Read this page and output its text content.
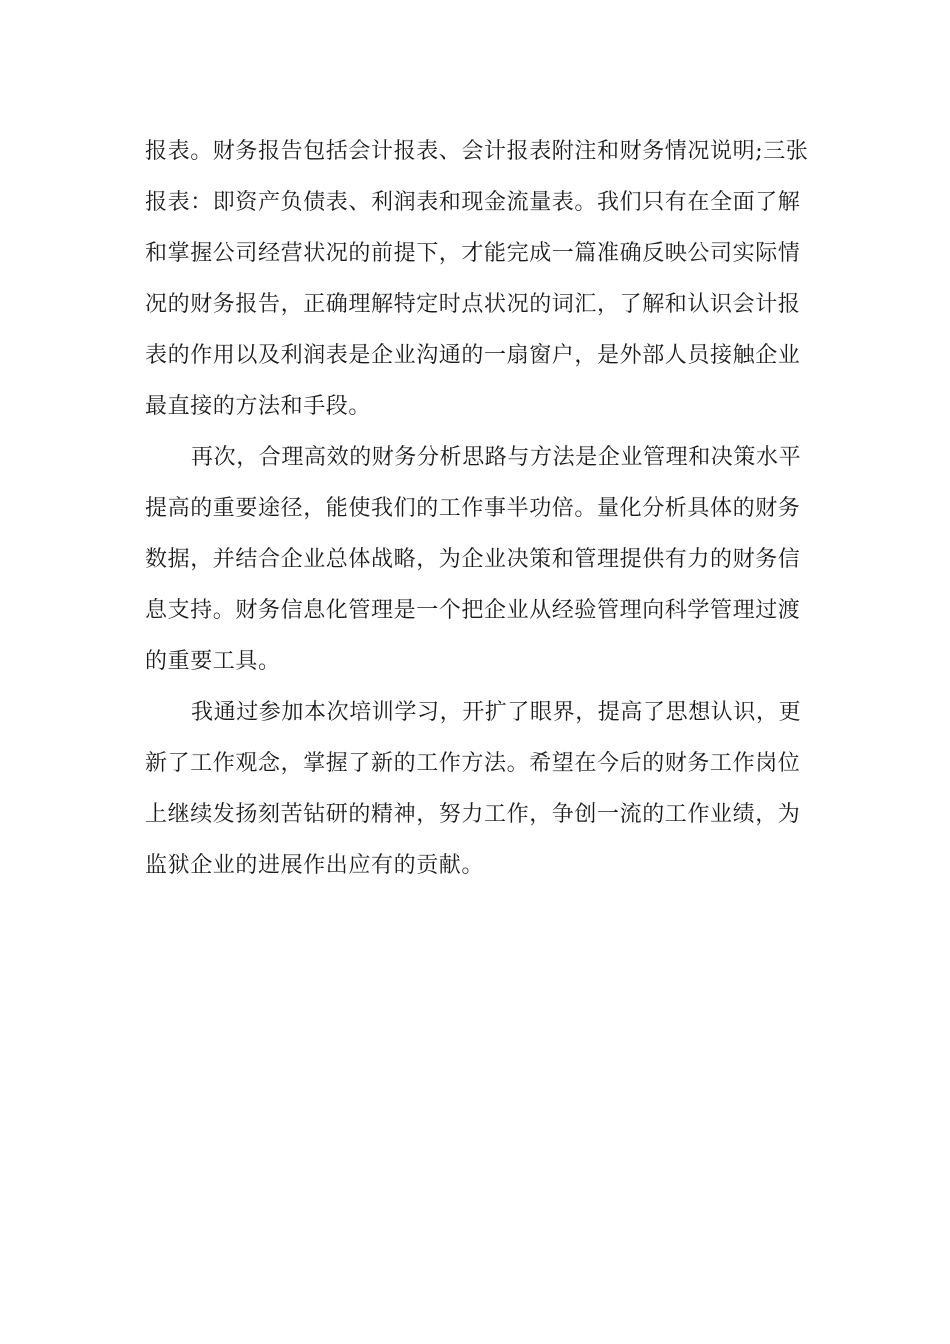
报表。财务报告包括会计报表、会计报表附注和财务情况说明;三张
报表：即资产负债表、利润表和现金流量表。我们只有在全面了解
和掌握公司经营状况的前提下，才能完成一篇准确反映公司实际情
况的财务报告，正确理解特定时点状况的词汇，了解和认识会计报
表的作用以及利润表是企业沟通的一扇窗户，是外部人员接触企业
最直接的方法和手段。
再次，合理高效的财务分析思路与方法是企业管理和决策水平
提高的重要途径，能使我们的工作事半功倍。量化分析具体的财务
数据，并结合企业总体战略，为企业决策和管理提供有力的财务信
息支持。财务信息化管理是一个把企业从经验管理向科学管理过渡
的重要工具。
我通过参加本次培训学习，开扩了眼界，提高了思想认识，更
新了工作观念，掌握了新的工作方法。希望在今后的财务工作岗位
上继续发扬刻苦钻研的精神，努力工作，争创一流的工作业绩，为
监狱企业的进展作出应有的贡献。
